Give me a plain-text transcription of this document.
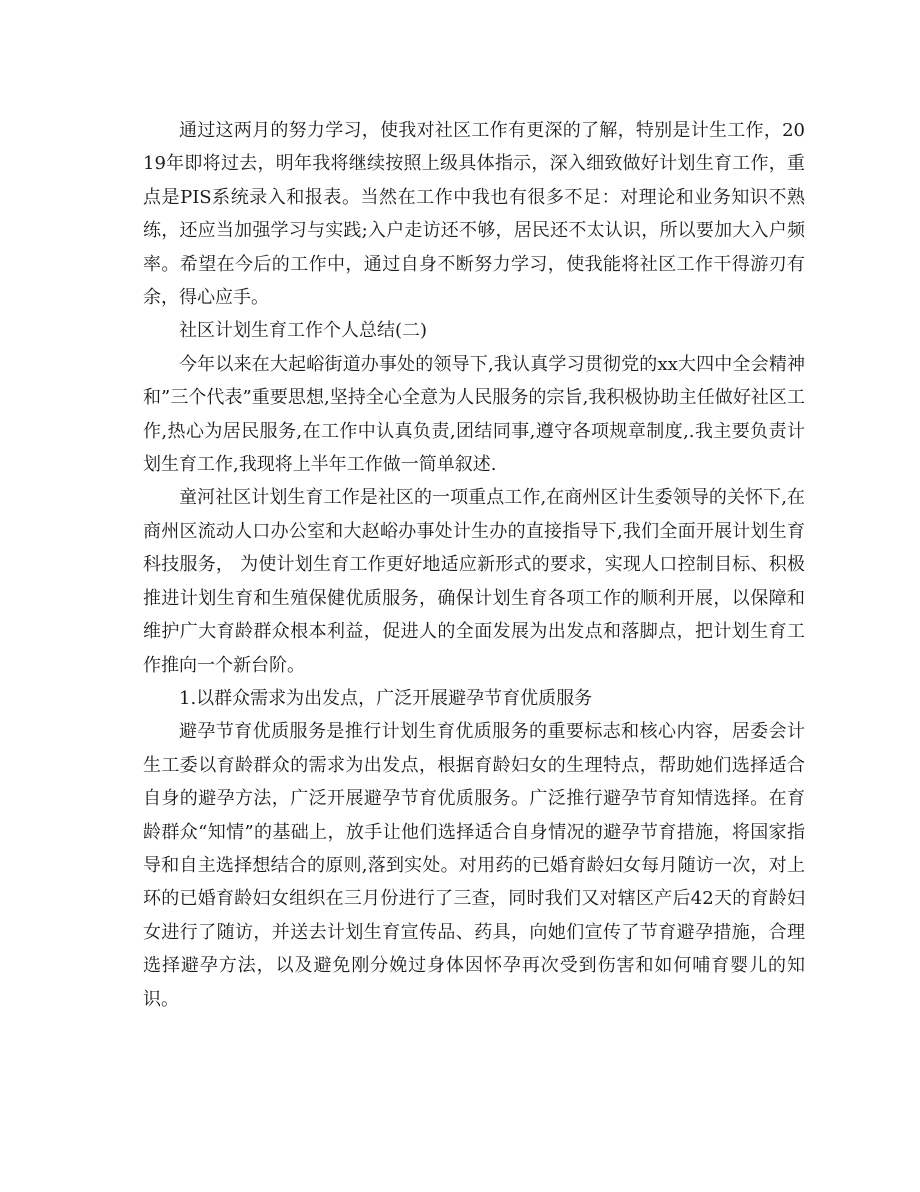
通过这两月的努力学习，使我对社区工作有更深的了解，特别是计生工作，2019年即将过去，明年我将继续按照上级具体指示，深入细致做好计划生育工作，重点是PIS系统录入和报表。当然在工作中我也有很多不足：对理论和业务知识不熟练，还应当加强学习与实践;入户走访还不够，居民还不太认识，所以要加大入户频率。希望在今后的工作中，通过自身不断努力学习，使我能将社区工作干得游刃有余，得心应手。

社区计划生育工作个人总结(二)

今年以来在大起峪街道办事处的领导下,我认真学习贯彻党的xx大四中全会精神和”三个代表”重要思想,坚持全心全意为人民服务的宗旨,我积极协助主任做好社区工作,热心为居民服务,在工作中认真负责,团结同事,遵守各项规章制度,.我主要负责计划生育工作,我现将上半年工作做一简单叙述.

童河社区计划生育工作是社区的一项重点工作,在商州区计生委领导的关怀下,在商州区流动人口办公室和大赵峪办事处计生办的直接指导下,我们全面开展计划生育科技服务， 为使计划生育工作更好地适应新形式的要求，实现人口控制目标、积极推进计划生育和生殖保健优质服务，确保计划生育各项工作的顺利开展，以保障和维护广大育龄群众根本利益，促进人的全面发展为出发点和落脚点，把计划生育工作推向一个新台阶。

1.以群众需求为出发点，广泛开展避孕节育优质服务

避孕节育优质服务是推行计划生育优质服务的重要标志和核心内容，居委会计生工委以育龄群众的需求为出发点，根据育龄妇女的生理特点，帮助她们选择适合自身的避孕方法，广泛开展避孕节育优质服务。广泛推行避孕节育知情选择。在育龄群众“知情”的基础上，放手让他们选择适合自身情况的避孕节育措施，将国家指导和自主选择想结合的原则,落到实处。对用药的已婚育龄妇女每月随访一次，对上环的已婚育龄妇女组织在三月份进行了三查，同时我们又对辖区产后42天的育龄妇女进行了随访，并送去计划生育宣传品、药具，向她们宣传了节育避孕措施，合理选择避孕方法，以及避免刚分娩过身体因怀孕再次受到伤害和如何哺育婴儿的知识。
